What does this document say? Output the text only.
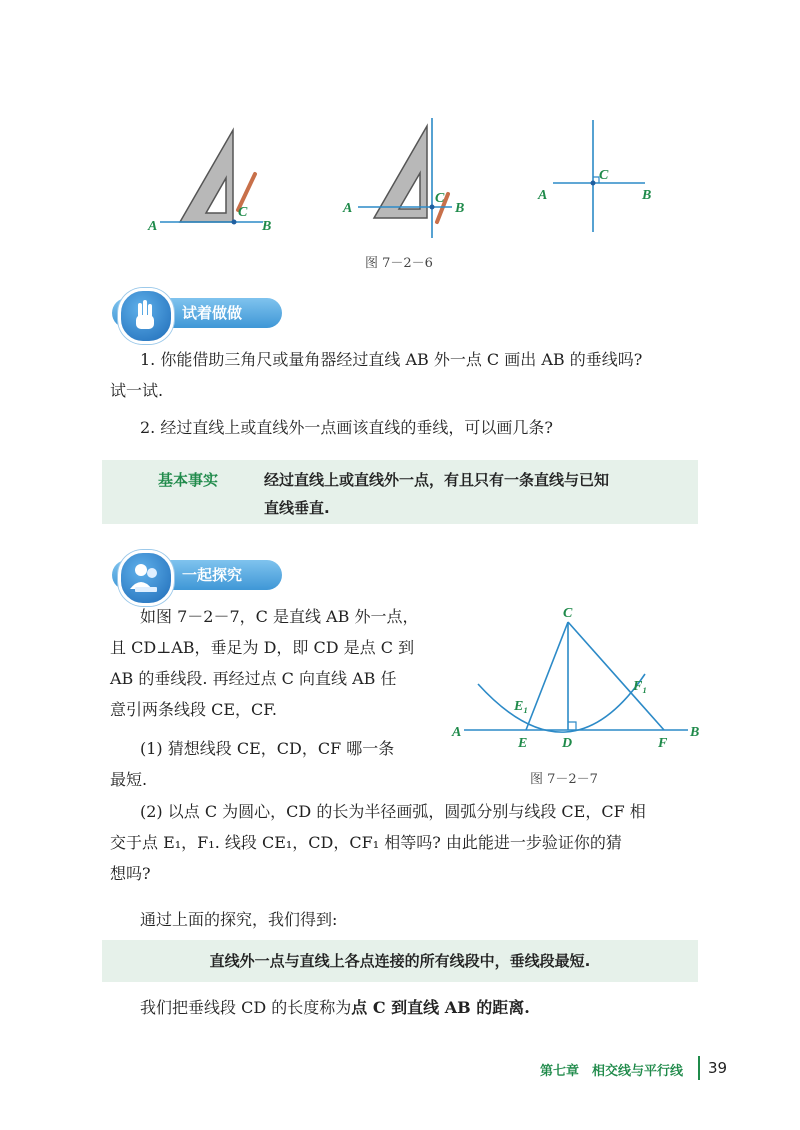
A
C
B
A
C
B
A
C
B
图 7－2－6
试着做做
1. 你能借助三角尺或量角器经过直线 AB 外一点 C 画出 AB 的垂线吗?
试一试.
2. 经过直线上或直线外一点画该直线的垂线，可以画几条?
基本事实	经过直线上或直线外一点，有且只有一条直线与已知
直线垂直.
一起探究
如图 7－2－7，C 是直线 AB 外一点，
且 CD⊥AB，垂足为 D，即 CD 是点 C 到
AB 的垂线段. 再经过点 C 向直线 AB 任
意引两条线段 CE，CF.
(1) 猜想线段 CE，CD，CF 哪一条
最短.
C
A	B
E D	F
E₁
F₁
图 7－2－7
(2) 以点 C 为圆心，CD 的长为半径画弧，圆弧分别与线段 CE，CF 相
交于点 E₁，F₁. 线段 CE₁，CD，CF₁ 相等吗? 由此能进一步验证你的猜
想吗?
通过上面的探究，我们得到:
直线外一点与直线上各点连接的所有线段中，垂线段最短.
我们把垂线段 CD 的长度称为点 C 到直线 AB 的距离.
第七章　相交线与平行线 39
